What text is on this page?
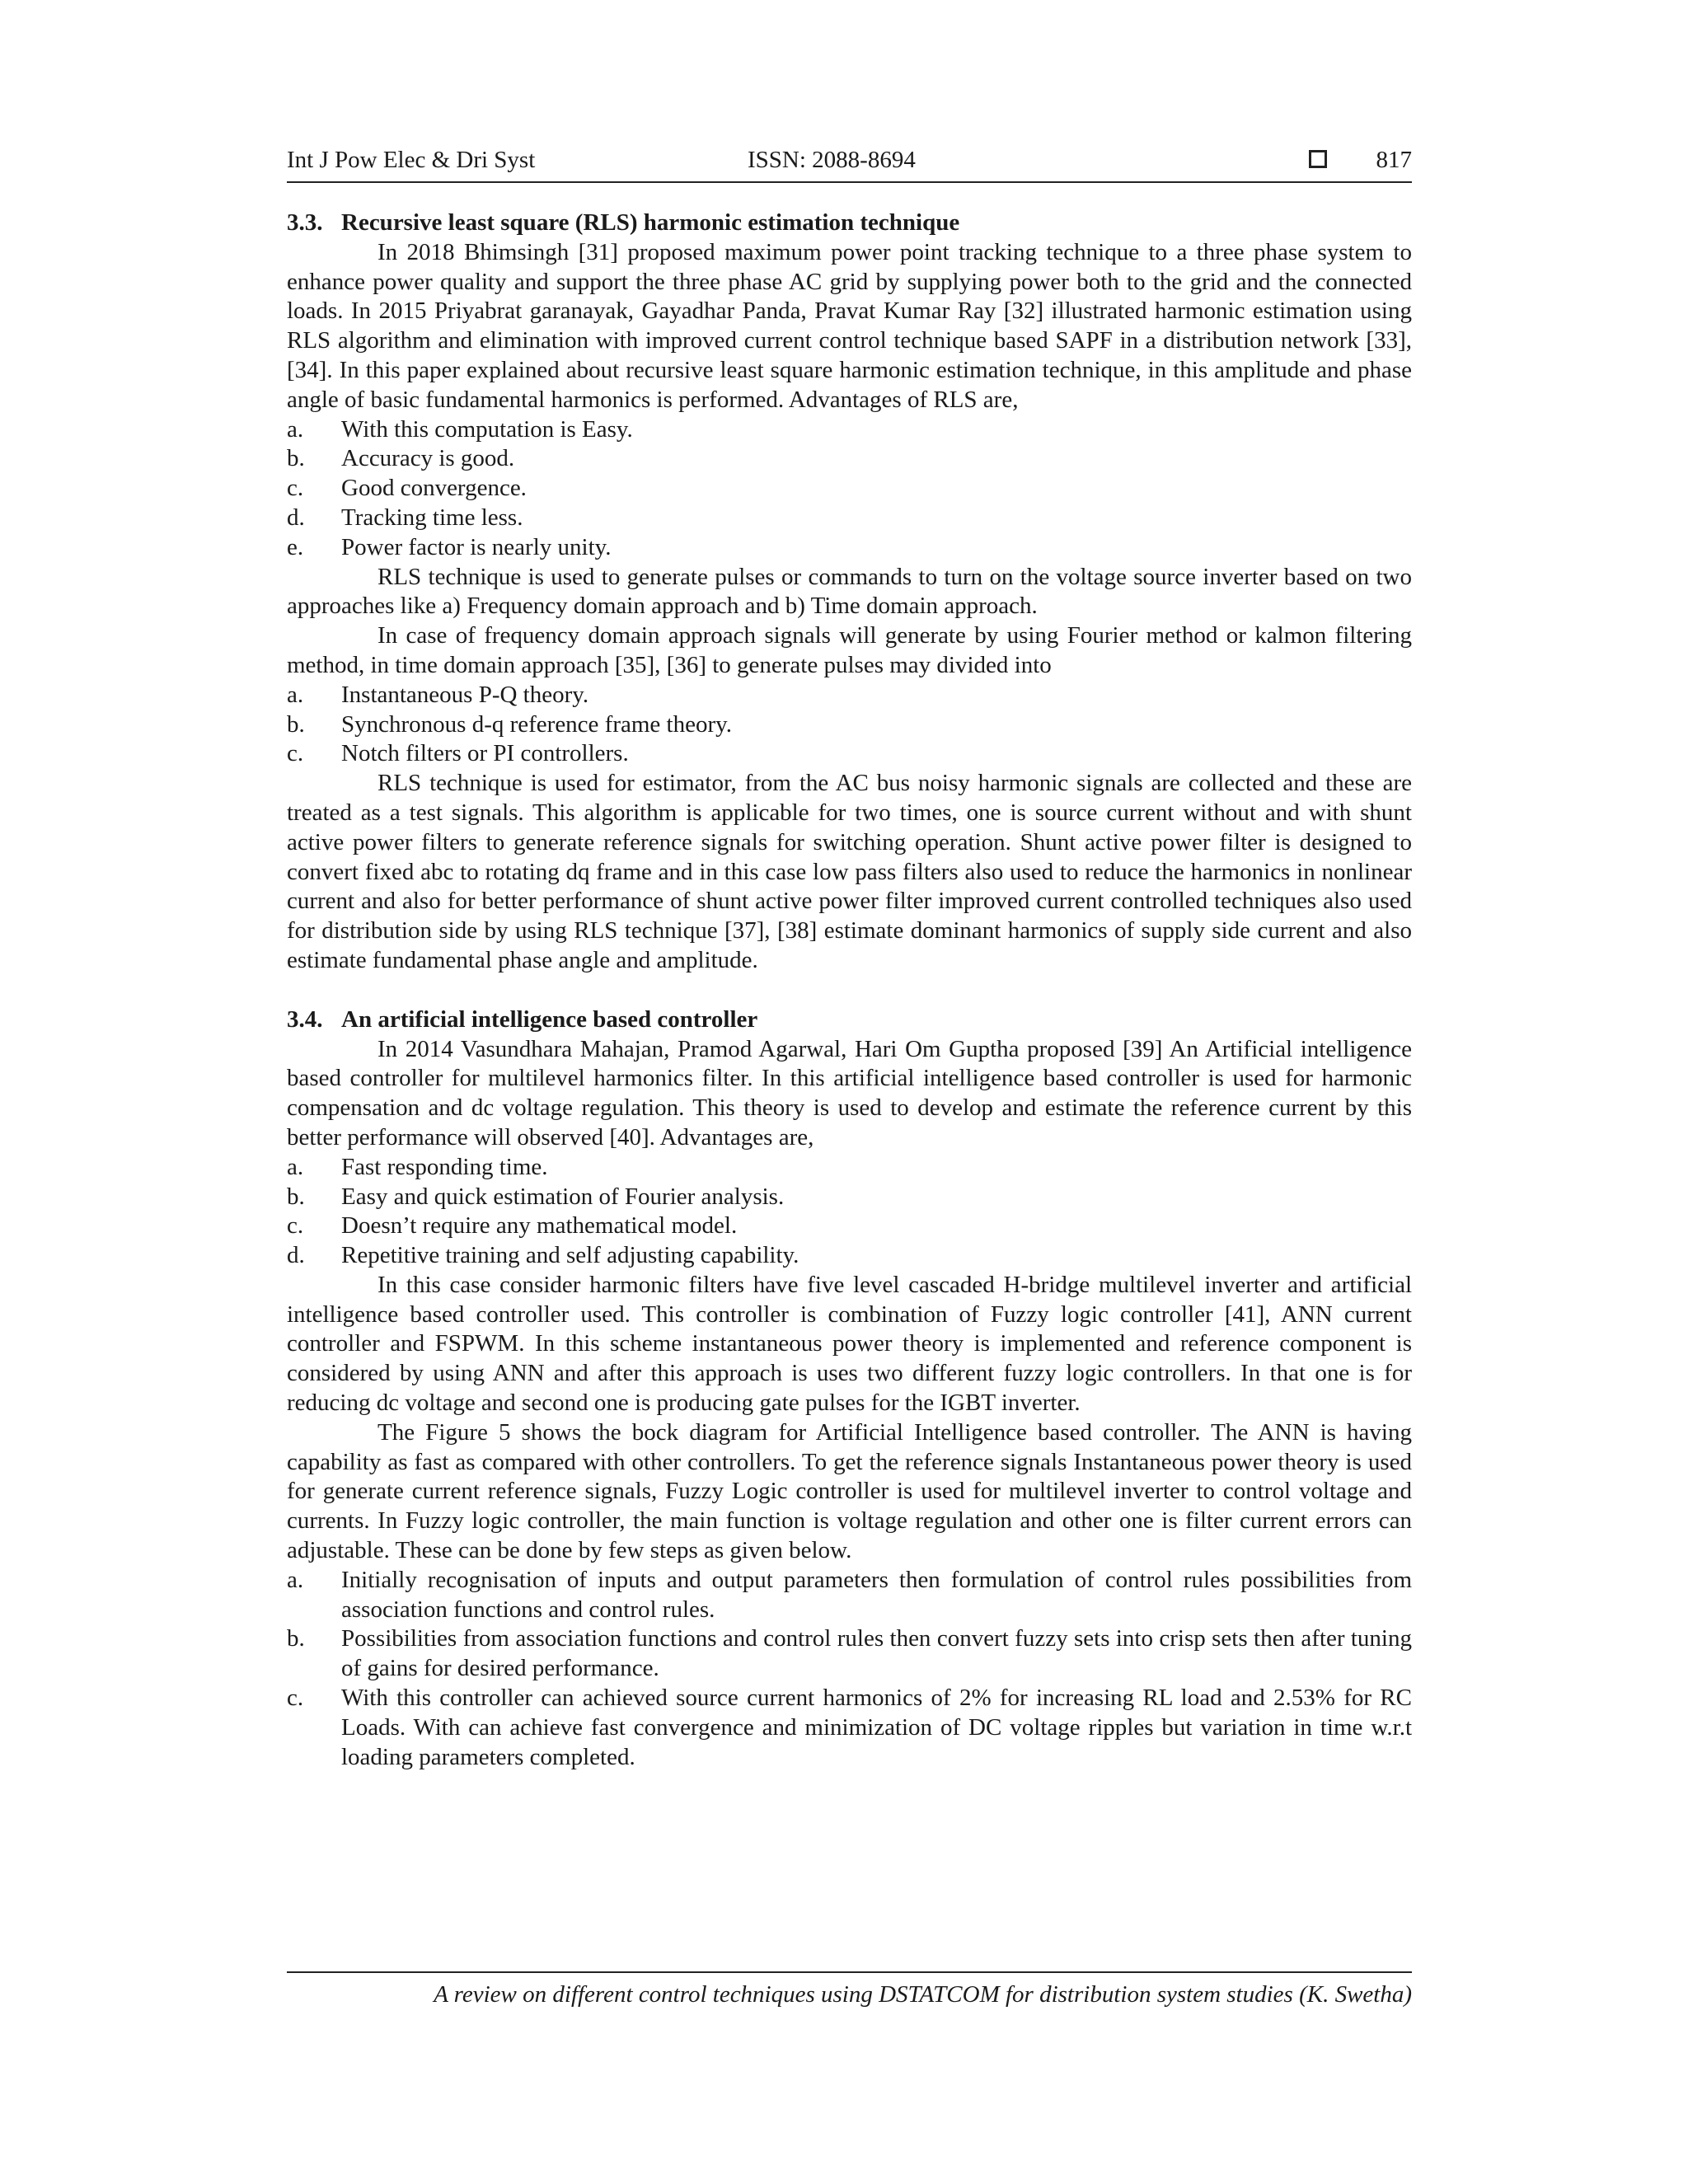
Int J Pow Elec & Dri Syst	ISSN: 2088-8694	817
3.3. Recursive least square (RLS) harmonic estimation technique

In 2018 Bhimsingh [31] proposed maximum power point tracking technique to a three phase system to enhance power quality and support the three phase AC grid by supplying power both to the grid and the connected loads. In 2015 Priyabrat garanayak, Gayadhar Panda, Pravat Kumar Ray [32] illustrated harmonic estimation using RLS algorithm and elimination with improved current control technique based SAPF in a distribution network [33], [34]. In this paper explained about recursive least square harmonic estimation technique, in this amplitude and phase angle of basic fundamental harmonics is performed. Advantages of RLS are,

a. With this computation is Easy.
b. Accuracy is good.
c. Good convergence.
d. Tracking time less.
e. Power factor is nearly unity.

RLS technique is used to generate pulses or commands to turn on the voltage source inverter based on two approaches like a) Frequency domain approach and b) Time domain approach.

In case of frequency domain approach signals will generate by using Fourier method or kalmon filtering method, in time domain approach [35], [36] to generate pulses may divided into

a. Instantaneous P-Q theory.
b. Synchronous d-q reference frame theory.
c. Notch filters or PI controllers.

RLS technique is used for estimator, from the AC bus noisy harmonic signals are collected and these are treated as a test signals. This algorithm is applicable for two times, one is source current without and with shunt active power filters to generate reference signals for switching operation. Shunt active power filter is designed to convert fixed abc to rotating dq frame and in this case low pass filters also used to reduce the harmonics in nonlinear current and also for better performance of shunt active power filter improved current controlled techniques also used for distribution side by using RLS technique [37], [38] estimate dominant harmonics of supply side current and also estimate fundamental phase angle and amplitude.

3.4. An artificial intelligence based controller

In 2014 Vasundhara Mahajan, Pramod Agarwal, Hari Om Guptha proposed [39] An Artificial intelligence based controller for multilevel harmonics filter. In this artificial intelligence based controller is used for harmonic compensation and dc voltage regulation. This theory is used to develop and estimate the reference current by this better performance will observed [40]. Advantages are,

a. Fast responding time.
b. Easy and quick estimation of Fourier analysis.
c. Doesn’t require any mathematical model.
d. Repetitive training and self adjusting capability.

In this case consider harmonic filters have five level cascaded H-bridge multilevel inverter and artificial intelligence based controller used. This controller is combination of Fuzzy logic controller [41], ANN current controller and FSPWM. In this scheme instantaneous power theory is implemented and reference component is considered by using ANN and after this approach is uses two different fuzzy logic controllers. In that one is for reducing dc voltage and second one is producing gate pulses for the IGBT inverter.

The Figure 5 shows the bock diagram for Artificial Intelligence based controller. The ANN is having capability as fast as compared with other controllers. To get the reference signals Instantaneous power theory is used for generate current reference signals, Fuzzy Logic controller is used for multilevel inverter to control voltage and currents. In Fuzzy logic controller, the main function is voltage regulation and other one is filter current errors can adjustable. These can be done by few steps as given below.

a. Initially recognisation of inputs and output parameters then formulation of control rules possibilities from association functions and control rules.
b. Possibilities from association functions and control rules then convert fuzzy sets into crisp sets then after tuning of gains for desired performance.
c. With this controller can achieved source current harmonics of 2% for increasing RL load and 2.53% for RC Loads. With can achieve fast convergence and minimization of DC voltage ripples but variation in time w.r.t loading parameters completed.
A review on different control techniques using DSTATCOM for distribution system studies (K. Swetha)
